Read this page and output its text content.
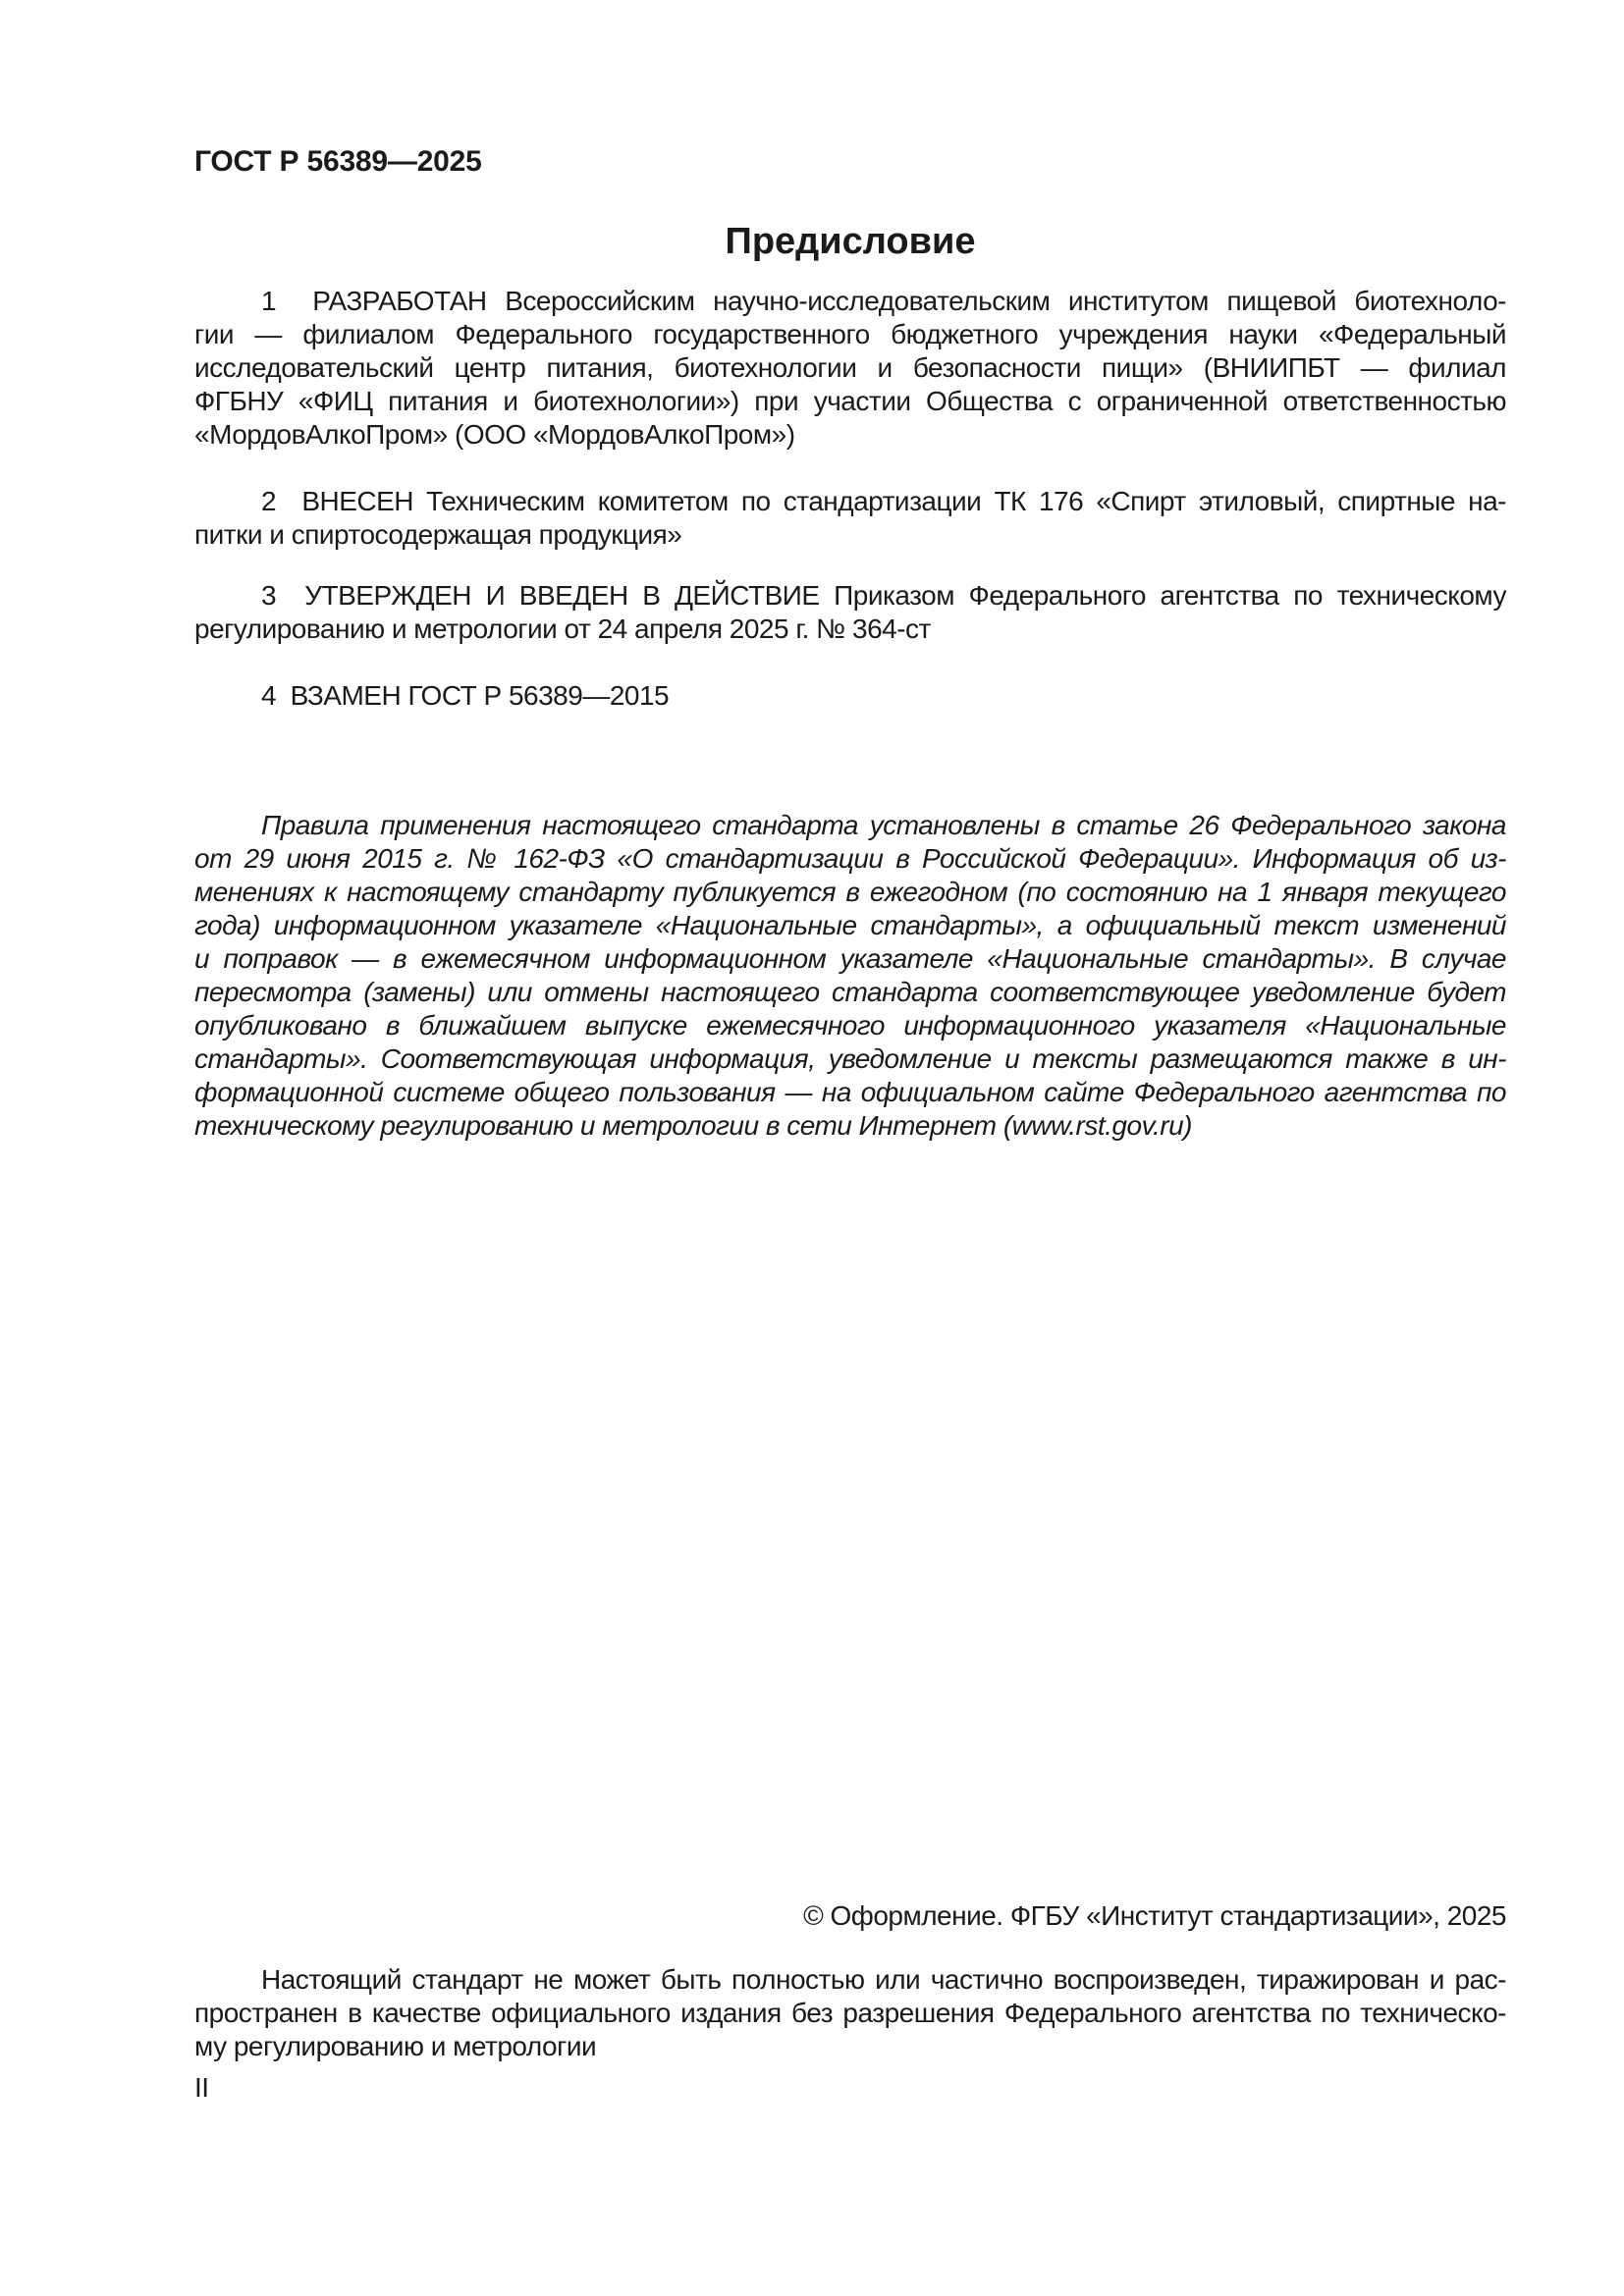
ГОСТ Р 56389—2025
Предисловие
1  РАЗРАБОТАН Всероссийским научно-исследовательским институтом пищевой биотехноло-
гии — филиалом Федерального государственного бюджетного учреждения науки «Федеральный
исследовательский центр питания, биотехнологии и безопасности пищи» (ВНИИПБТ — филиал
ФГБНУ «ФИЦ питания и биотехнологии») при участии Общества с ограниченной ответственностью
«МордовАлкоПром» (ООО «МордовАлкоПром»)
2  ВНЕСЕН Техническим комитетом по стандартизации ТК 176 «Спирт этиловый, спиртные на-
питки и спиртосодержащая продукция»
3  УТВЕРЖДЕН И ВВЕДЕН В ДЕЙСТВИЕ Приказом Федерального агентства по техническому
регулированию и метрологии от 24 апреля 2025 г. № 364-ст
4  ВЗАМЕН ГОСТ Р 56389—2015
Правила применения настоящего стандарта установлены в статье 26 Федерального закона
от 29 июня 2015 г. № 162-ФЗ «О стандартизации в Российской Федерации». Информация об из-
менениях к настоящему стандарту публикуется в ежегодном (по состоянию на 1 января текущего
года) информационном указателе «Национальные стандарты», а официальный текст изменений
и поправок — в ежемесячном информационном указателе «Национальные стандарты». В случае
пересмотра (замены) или отмены настоящего стандарта соответствующее уведомление будет
опубликовано в ближайшем выпуске ежемесячного информационного указателя «Национальные
стандарты». Соответствующая информация, уведомление и тексты размещаются также в ин-
формационной системе общего пользования — на официальном сайте Федерального агентства по
техническому регулированию и метрологии в сети Интернет (www.rst.gov.ru)
© Оформление. ФГБУ «Институт стандартизации», 2025
Настоящий стандарт не может быть полностью или частично воспроизведен, тиражирован и рас-
пространен в качестве официального издания без разрешения Федерального агентства по техническо-
му регулированию и метрологии
II
